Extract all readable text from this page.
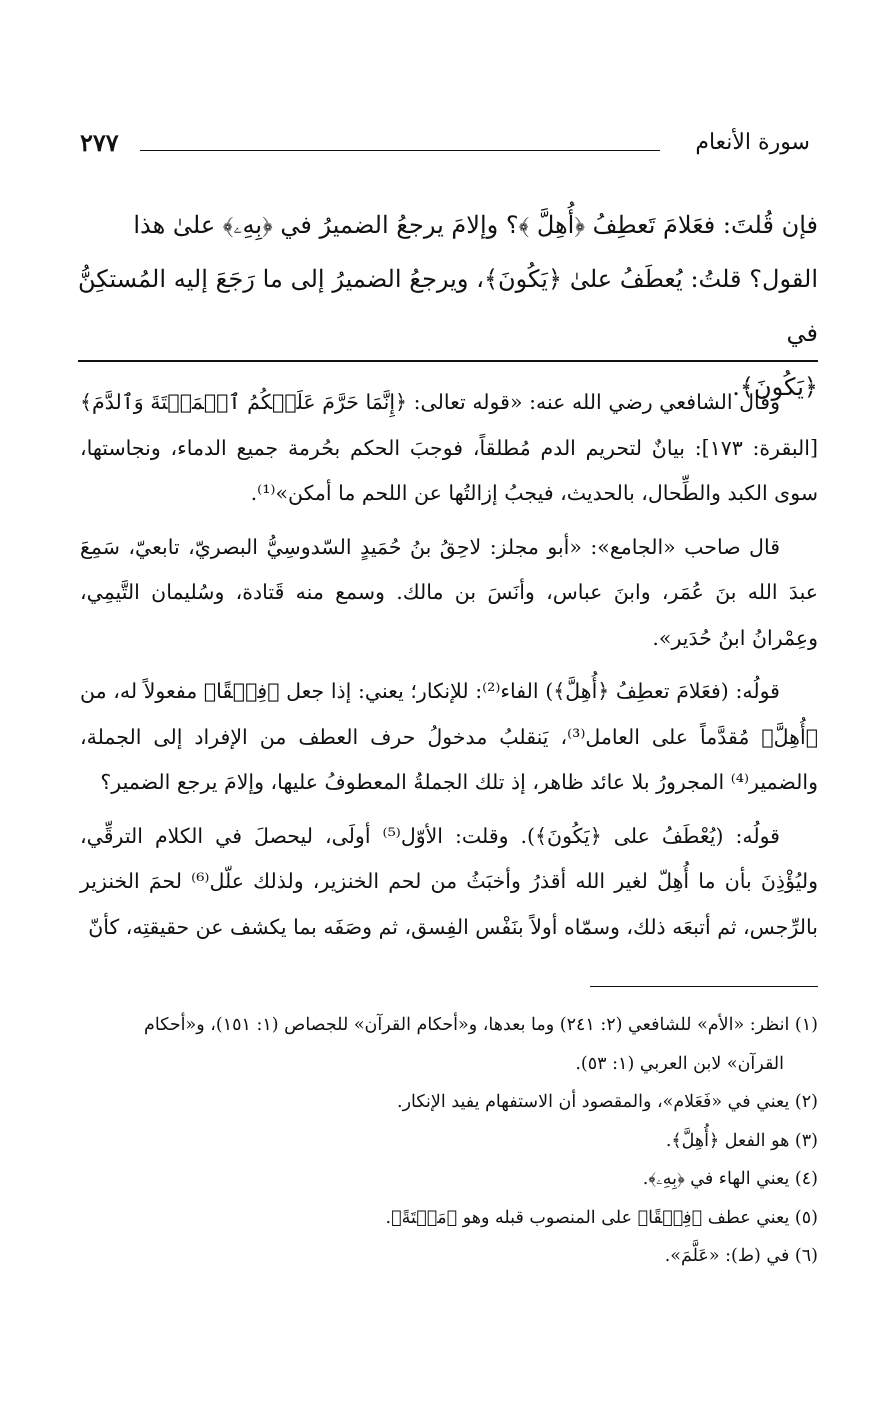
سورة الأنعام
٢٧٧
فإن قُلتَ: فعَلامَ تَعطِفُ ﴿أُهِلَّ ﴾؟ وإلامَ يرجعُ الضميرُ في ﴿بِهِۦ﴾ علىٰ هذا
القول؟ قلتُ: يُعطَفُ علىٰ ﴿يَكُونَ﴾، ويرجعُ الضميرُ إلى ما رَجَعَ إليه المُستكِنُّ في
﴿يَكُونَ﴾.

وقال الشافعي رضي الله عنه: «قوله تعالى: ﴿إِنَّمَا حَرَّمَ عَلَيۡكُمُ ٱلۡمَيۡتَةَ وَٱلدَّمَ﴾ [البقرة: ١٧٣]: بيانٌ لتحريم الدم مُطلقاً، فوجبَ الحكم بحُرمة جميع الدماء، ونجاستها، سوى الكبد والطِّحال، بالحديث، فيجبُ إزالتُها عن اللحم ما أمكن»⁽¹⁾.

قال صاحب «الجامع»: «أبو مجلز: لاحِقُ بنُ حُمَيدٍ السّدوسِيُّ البصريّ، تابعيّ، سَمِعَ عبدَ الله بنَ عُمَر، وابنَ عباس، وأنَسَ بن مالك. وسمع منه قَتادة، وسُليمان التَّيمِي، وعِمْرانُ ابنُ حُدَير».

قولُه: (فعَلامَ تعطِفُ ﴿أُهِلَّ﴾) الفاء⁽²⁾: للإنكار؛ يعني: إذا جعل ﴿فِسۡقًا﴾ مفعولاً له، من ﴿أُهِلَّ﴾ مُقدَّماً على العامل⁽³⁾، يَنقلبُ مدخولُ حرف العطف من الإفراد إلى الجملة، والضمير⁽⁴⁾ المجرورُ بلا عائد ظاهر، إذ تلك الجملةُ المعطوفُ عليها، وإلامَ يرجع الضمير؟

قولُه: (يُعْطَفُ على ﴿يَكُونَ﴾). وقلت: الأوّل⁽⁵⁾ أولَى، ليحصلَ في الكلام الترقِّي، وليُؤْذِنَ بأن ما أُهِلّ لغير الله أقذرُ وأخبَثُ من لحم الخنزير، ولذلك علّل⁽⁶⁾ لحمَ الخنزير بالرِّجس، ثم أتبعَه ذلك، وسمّاه أولاً بنَفْس الفِسق، ثم وصَفَه بما يكشف عن حقيقتِه، كأنّ

(١) انظر: «الأم» للشافعي (٢: ٢٤١) وما بعدها، و«أحكام القرآن» للجصاص (١: ١٥١)، و«أحكام
القرآن» لابن العربي (١: ٥٣).
(٢) يعني في «فَعَلام»، والمقصود أن الاستفهام يفيد الإنكار.
(٣) هو الفعل ﴿أُهِلَّ﴾.
(٤) يعني الهاء في ﴿بِهِۦ﴾.
(٥) يعني عطف ﴿فِسۡقًا﴾ على المنصوب قبله وهو ﴿مَيۡتَةً﴾.
(٦) في (ط): «عَلَّمَ».
